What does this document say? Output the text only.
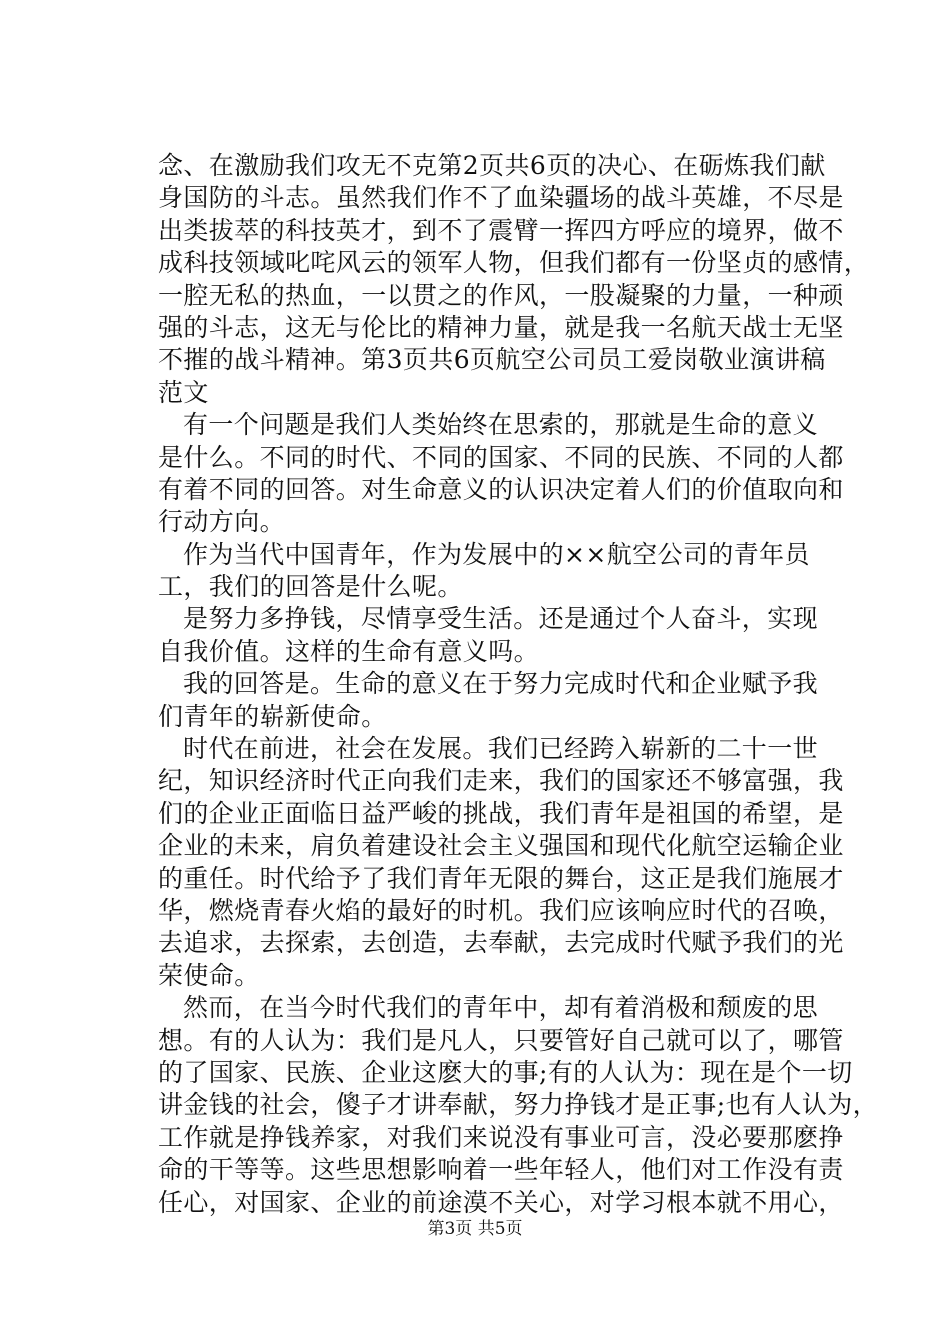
念、在激励我们攻无不克第2页共6页的决心、在砺炼我们献
身国防的斗志。虽然我们作不了血染疆场的战斗英雄，不尽是
出类拔萃的科技英才，到不了震臂一挥四方呼应的境界，做不
成科技领域叱咤风云的领军人物，但我们都有一份坚贞的感情，
一腔无私的热血，一以贯之的作风，一股凝聚的力量，一种顽
强的斗志，这无与伦比的精神力量，就是我一名航天战士无坚
不摧的战斗精神。第3页共6页航空公司员工爱岗敬业演讲稿
范文
有一个问题是我们人类始终在思索的，那就是生命的意义
是什么。不同的时代、不同的国家、不同的民族、不同的人都
有着不同的回答。对生命意义的认识决定着人们的价值取向和
行动方向。
作为当代中国青年，作为发展中的××航空公司的青年员
工，我们的回答是什么呢。
是努力多挣钱，尽情享受生活。还是通过个人奋斗，实现
自我价值。这样的生命有意义吗。
我的回答是。生命的意义在于努力完成时代和企业赋予我
们青年的崭新使命。
时代在前进，社会在发展。我们已经跨入崭新的二十一世
纪，知识经济时代正向我们走来，我们的国家还不够富强，我
们的企业正面临日益严峻的挑战，我们青年是祖国的希望，是
企业的未来，肩负着建设社会主义强国和现代化航空运输企业
的重任。时代给予了我们青年无限的舞台，这正是我们施展才
华，燃烧青春火焰的最好的时机。我们应该响应时代的召唤，
去追求，去探索，去创造，去奉献，去完成时代赋予我们的光
荣使命。
然而，在当今时代我们的青年中，却有着消极和颓废的思
想。有的人认为：我们是凡人，只要管好自己就可以了，哪管
的了国家、民族、企业这麽大的事;有的人认为：现在是个一切
讲金钱的社会，傻子才讲奉献，努力挣钱才是正事;也有人认为，
工作就是挣钱养家，对我们来说没有事业可言，没必要那麽挣
命的干等等。这些思想影响着一些年轻人，他们对工作没有责
任心，对国家、企业的前途漠不关心，对学习根本就不用心，
第3页 共5页
